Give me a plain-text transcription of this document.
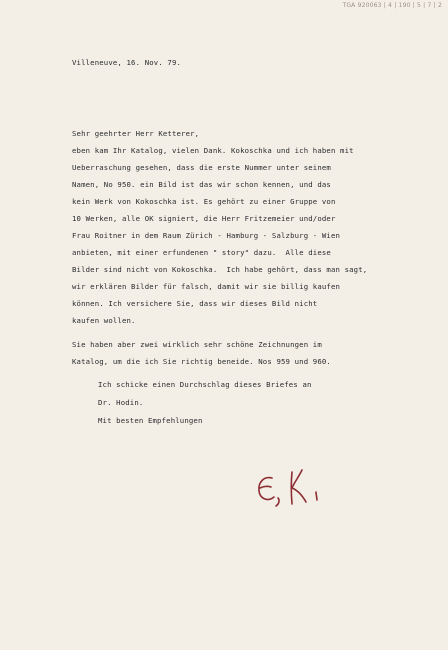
TGA 920063 | 4 | 190 | 5 | 7 | 2

Villeneuve, 16. Nov. 79.

Sehr geehrter Herr Ketterer,

eben kam Ihr Katalog, vielen Dank. Kokoschka und ich haben mit

Ueberraschung gesehen, dass die erste Nummer unter seinem

Namen, No 950. ein Bild ist das wir schon kennen, und das

kein Werk von Kokoschka ist. Es gehört zu einer Gruppe von

10 Werken, alle OK signiert, die Herr Fritzemeier und/oder

Frau Roitner in dem Raum Zürich - Hamburg - Salzburg - Wien

anbieten, mit einer erfundenen " story" dazu.  Alle diese

Bilder sind nicht von Kokoschka.  Ich habe gehört, dass man sagt,

wir erklären Bilder für falsch, damit wir sie billig kaufen

können. Ich versichere Sie, dass wir dieses Bild nicht

kaufen wollen.

Sie haben aber zwei wirklich sehr schöne Zeichnungen im

Katalog, um die ich Sie richtig beneide. Nos 959 und 960.

Ich schicke einen Durchschlag dieses Briefes an

Dr. Hodin.

Mit besten Empfehlungen
